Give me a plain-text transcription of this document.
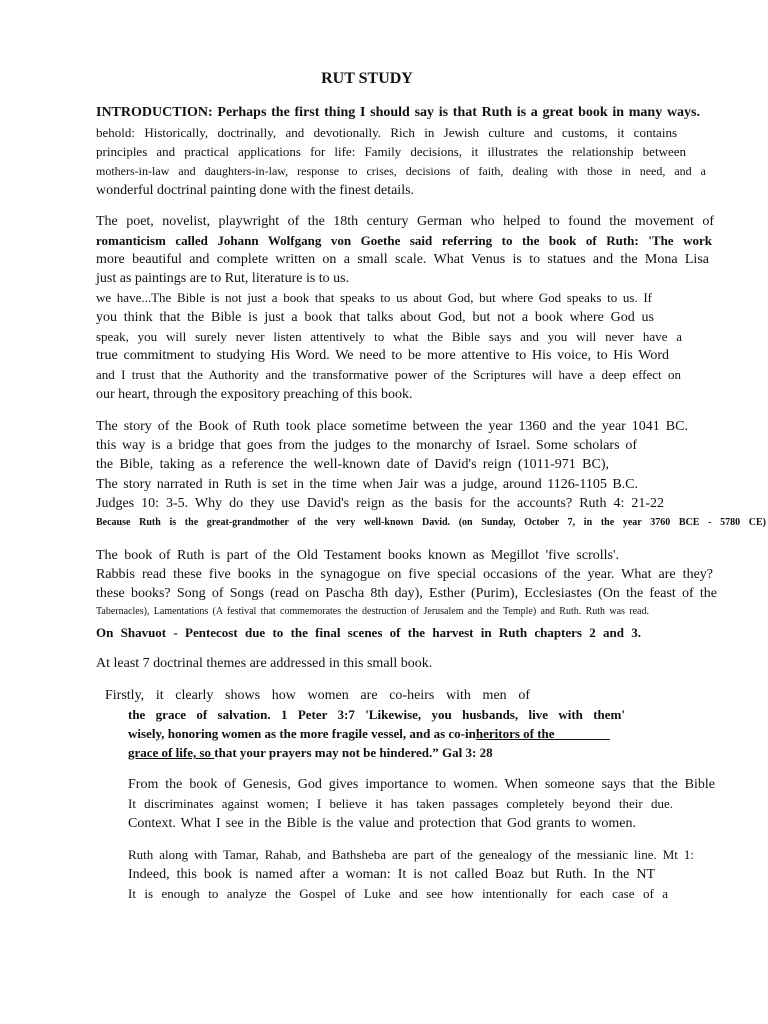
RUT STUDY
INTRODUCTION: Perhaps the first thing I should say is that Ruth is a great book in many ways.
behold: Historically, doctrinally, and devotionally. Rich in Jewish culture and customs, it contains
principles and practical applications for life: Family decisions, it illustrates the relationship between
mothers-in-law and daughters-in-law, response to crises, decisions of faith, dealing with those in need, and a
wonderful doctrinal painting done with the finest details.
The poet, novelist, playwright of the 18th century German who helped to found the movement of
romanticism called Johann Wolfgang von Goethe said referring to the book of Ruth: 'The work
more beautiful and complete written on a small scale. What Venus is to statues and the Mona Lisa
just as paintings are to Rut, literature is to us.
we have...The Bible is not just a book that speaks to us about God, but where God speaks to us. If
you think that the Bible is just a book that talks about God, but not a book where God us
speak, you will surely never listen attentively to what the Bible says and you will never have a
true commitment to studying His Word. We need to be more attentive to His voice, to His Word
and I trust that the Authority and the transformative power of the Scriptures will have a deep effect on
our heart, through the expository preaching of this book.
The story of the Book of Ruth took place sometime between the year 1360 and the year 1041 BC.
this way is a bridge that goes from the judges to the monarchy of Israel. Some scholars of
the Bible, taking as a reference the well-known date of David's reign (1011-971 BC),
The story narrated in Ruth is set in the time when Jair was a judge, around 1126-1105 B.C.
Judges 10: 3-5. Why do they use David's reign as the basis for the accounts? Ruth 4: 21-22
Because Ruth is the great-grandmother of the very well-known David. (on Sunday, October 7, in the year 3760 BCE - 5780 CE)
The book of Ruth is part of the Old Testament books known as Megillot 'five scrolls'.
Rabbis read these five books in the synagogue on five special occasions of the year. What are they?
these books? Song of Songs (read on Pascha 8th day), Esther (Purim), Ecclesiastes (On the feast of the
Tabernacles), Lamentations (A festival that commemorates the destruction of Jerusalem and the Temple) and Ruth. Ruth was read.
On Shavuot - Pentecost due to the final scenes of the harvest in Ruth chapters 2 and 3.
At least 7 doctrinal themes are addressed in this small book.
Firstly, it clearly shows how women are co-heirs with men of
the grace of salvation. 1 Peter 3:7 'Likewise, you husbands, live with them'
wisely, honoring women as the more fragile vessel, and as co-inheritors of the
grace of life, so that your prayers may not be hindered.” Gal 3: 28
From the book of Genesis, God gives importance to women. When someone says that the Bible
It discriminates against women; I believe it has taken passages completely beyond their due.
Context. What I see in the Bible is the value and protection that God grants to women.
Ruth along with Tamar, Rahab, and Bathsheba are part of the genealogy of the messianic line. Mt 1:
Indeed, this book is named after a woman: It is not called Boaz but Ruth. In the NT
It is enough to analyze the Gospel of Luke and see how intentionally for each case of a
